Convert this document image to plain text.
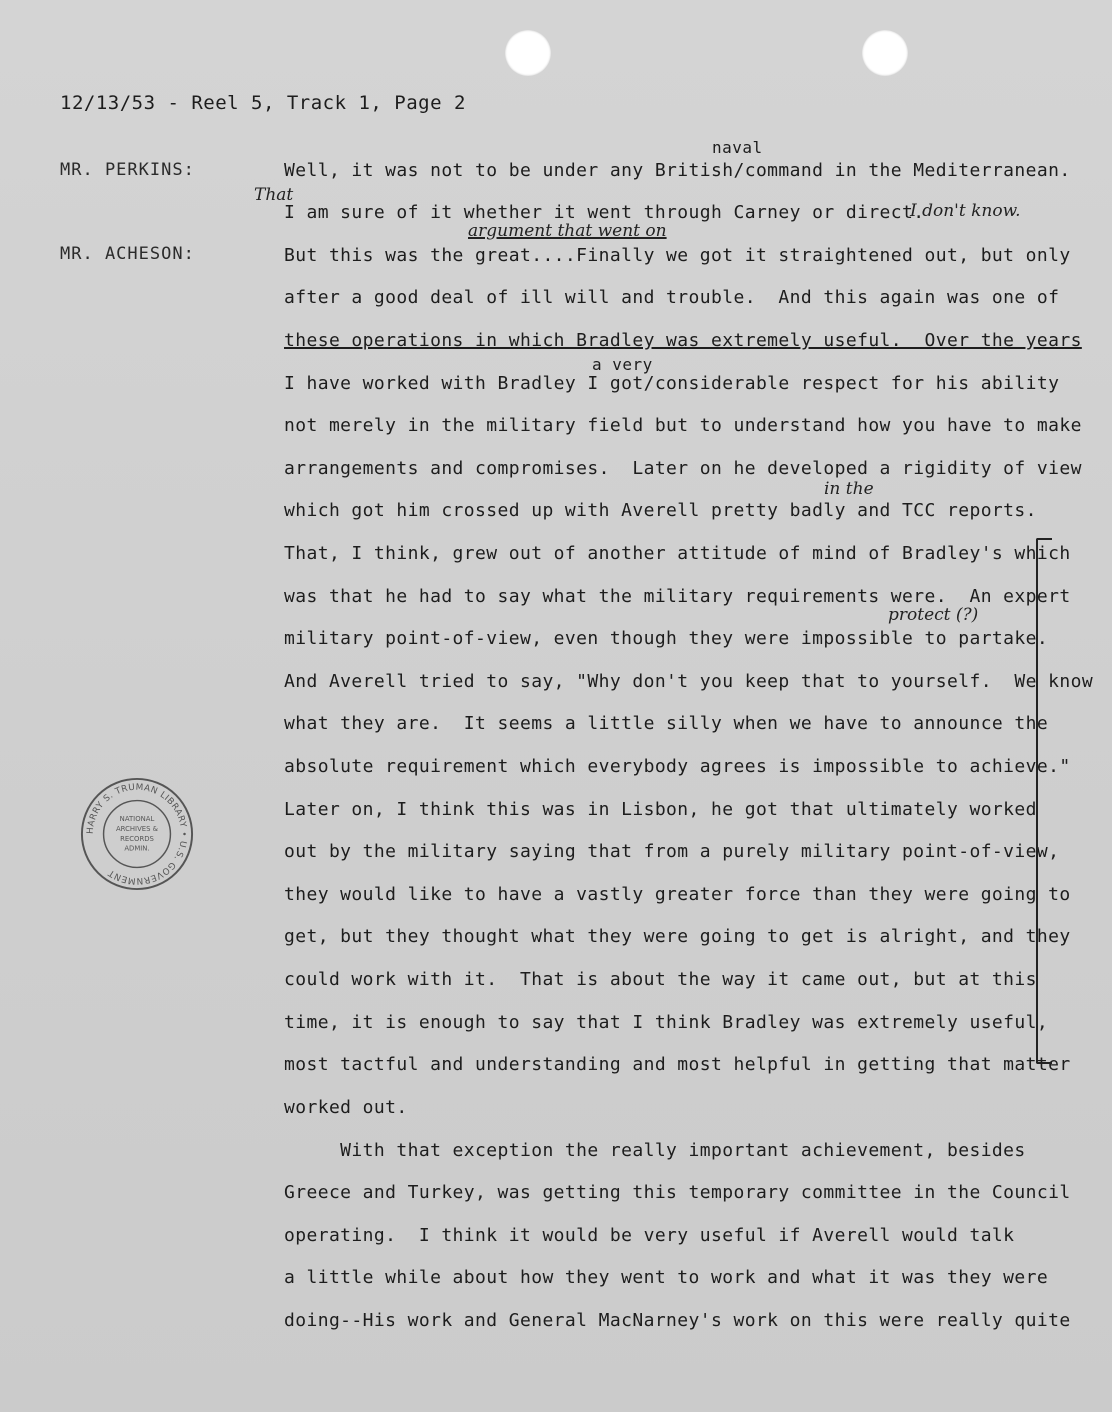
12/13/53 - Reel 5, Track 1, Page 2
MR. PERKINS:
MR. ACHESON:
naval
a very
That
I don't know.
argument that went on
in the
protect (?)
Well, it was not to be under any British/command in the Mediterranean.
I am sure of it whether it went through Carney or direct.
But this was the great....Finally we got it straightened out, but only
after a good deal of ill will and trouble.  And this again was one of
these operations in which Bradley was extremely useful.  Over the years
I have worked with Bradley I got/considerable respect for his ability
not merely in the military field but to understand how you have to make
arrangements and compromises.  Later on he developed a rigidity of view
which got him crossed up with Averell pretty badly and TCC reports.
That, I think, grew out of another attitude of mind of Bradley's which
was that he had to say what the military requirements were.  An expert
military point-of-view, even though they were impossible to partake.
And Averell tried to say, "Why don't you keep that to yourself.  We know
what they are.  It seems a little silly when we have to announce the
absolute requirement which everybody agrees is impossible to achieve."
Later on, I think this was in Lisbon, he got that ultimately worked
out by the military saying that from a purely military point-of-view,
they would like to have a vastly greater force than they were going to
get, but they thought what they were going to get is alright, and they
could work with it.  That is about the way it came out, but at this
time, it is enough to say that I think Bradley was extremely useful,
most tactful and understanding and most helpful in getting that matter
worked out.
With that exception the really important achievement, besides
Greece and Turkey, was getting this temporary committee in the Council
operating.  I think it would be very useful if Averell would talk
a little while about how they went to work and what it was they were
doing--His work and General MacNarney's work on this were really quite
HARRY S. TRUMAN LIBRARY • U.S. GOVERNMENT
NATIONAL
ARCHIVES &
RECORDS
ADMIN.
